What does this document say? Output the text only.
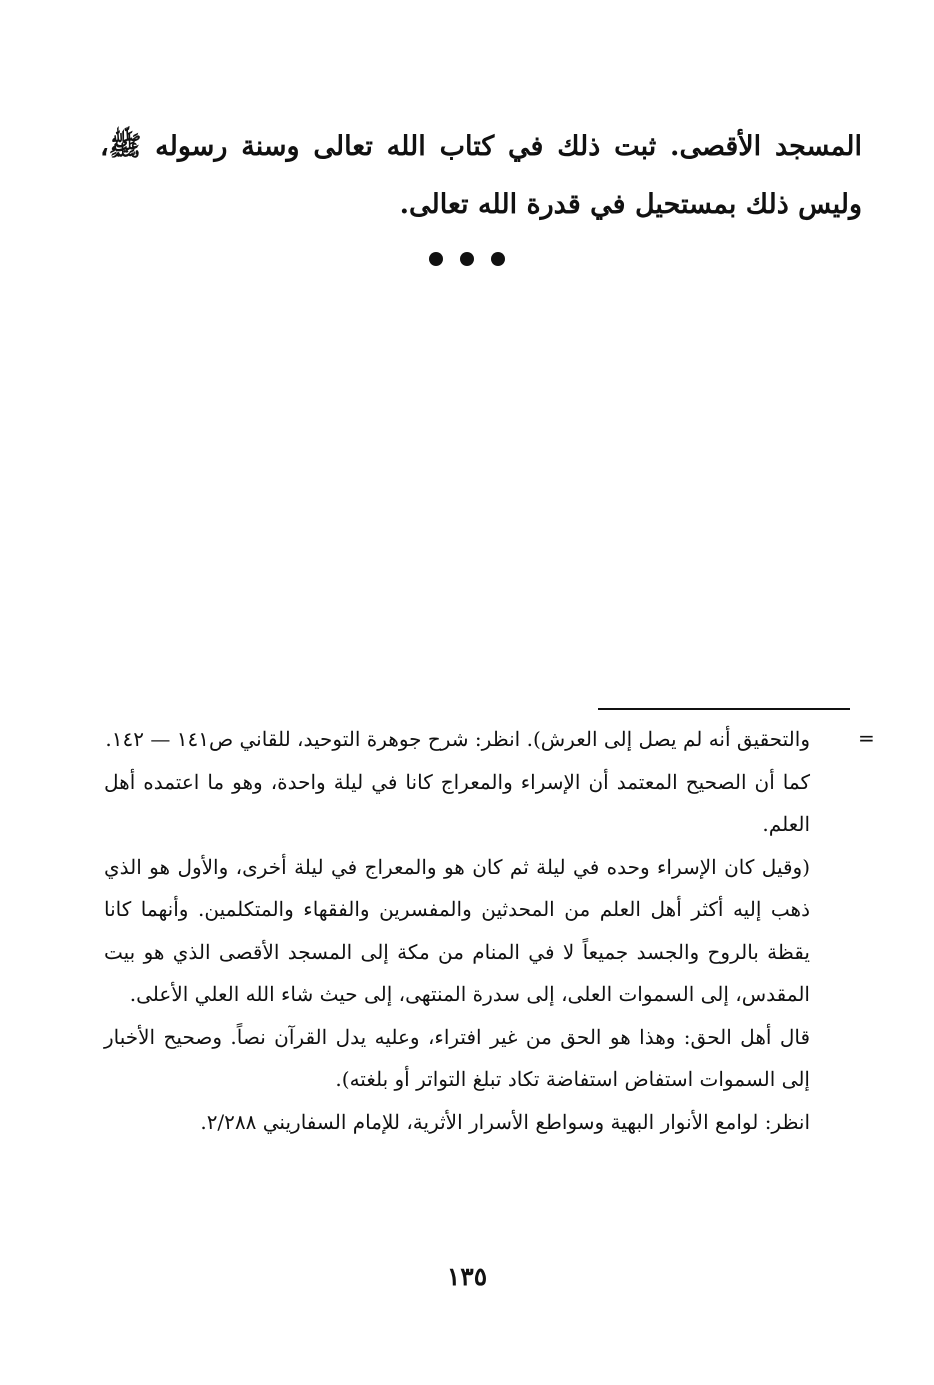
المسجد الأقصى. ثبت ذلك في كتاب الله تعالى وسنة رسوله ﷺ، وليس ذلك بمستحيل في قدرة الله تعالى.

=

والتحقيق أنه لم يصل إلى العرش). انظر: شرح جوهرة التوحيد، للقاني ص١٤١ — ١٤٢.

كما أن الصحيح المعتمد أن الإسراء والمعراج كانا في ليلة واحدة، وهو ما اعتمده أهل العلم.

(وقيل كان الإسراء وحده في ليلة ثم كان هو والمعراج في ليلة أخرى، والأول هو الذي ذهب إليه أكثر أهل العلم من المحدثين والمفسرين والفقهاء والمتكلمين. وأنهما كانا يقظة بالروح والجسد جميعاً لا في المنام من مكة إلى المسجد الأقصى الذي هو بيت المقدس، إلى السموات العلى، إلى سدرة المنتهى، إلى حيث شاء الله العلي الأعلى.

قال أهل الحق: وهذا هو الحق من غير افتراء، وعليه يدل القرآن نصاً. وصحيح الأخبار إلى السموات استفاض استفاضة تكاد تبلغ التواتر أو بلغته).

انظر: لوامع الأنوار البهية وسواطع الأسرار الأثرية، للإمام السفاريني ٢/٢٨٨.

١٣٥
